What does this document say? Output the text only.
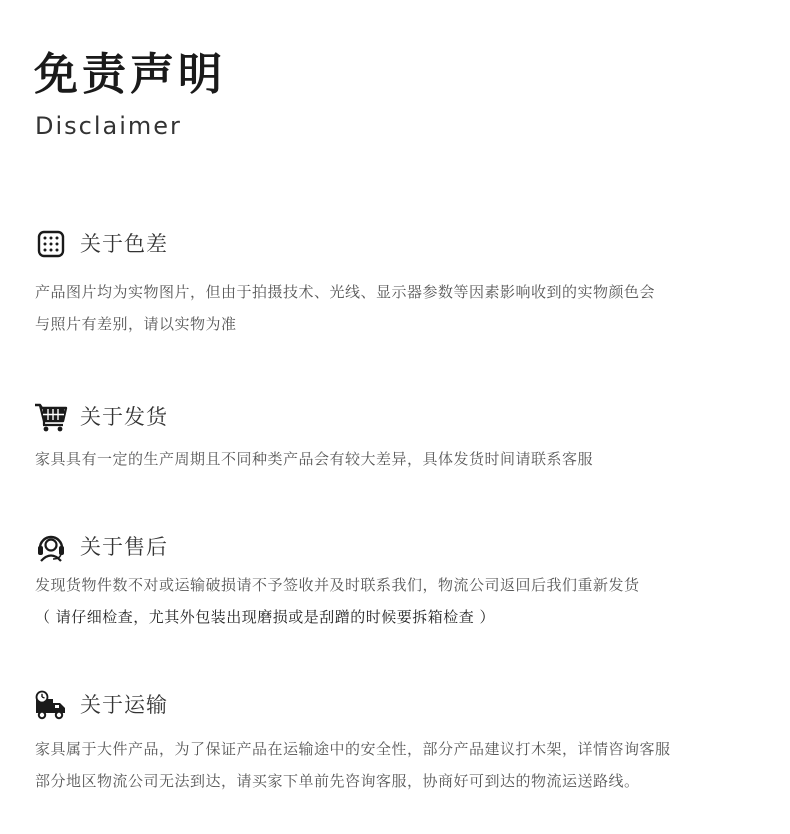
免责声明
Disclaimer
关于色差
产品图片均为实物图片，但由于拍摄技术、光线、显示器参数等因素影响收到的实物颜色会
与照片有差别，请以实物为准
关于发货
家具具有一定的生产周期且不同种类产品会有较大差异，具体发货时间请联系客服
关于售后
发现货物件数不对或运输破损请不予签收并及时联系我们，物流公司返回后我们重新发货
（ 请仔细检查，尤其外包装出现磨损或是刮蹭的时候要拆箱检查 ）
关于运输
家具属于大件产品，为了保证产品在运输途中的安全性，部分产品建议打木架，详情咨询客服
部分地区物流公司无法到达，请买家下单前先咨询客服，协商好可到达的物流运送路线。
